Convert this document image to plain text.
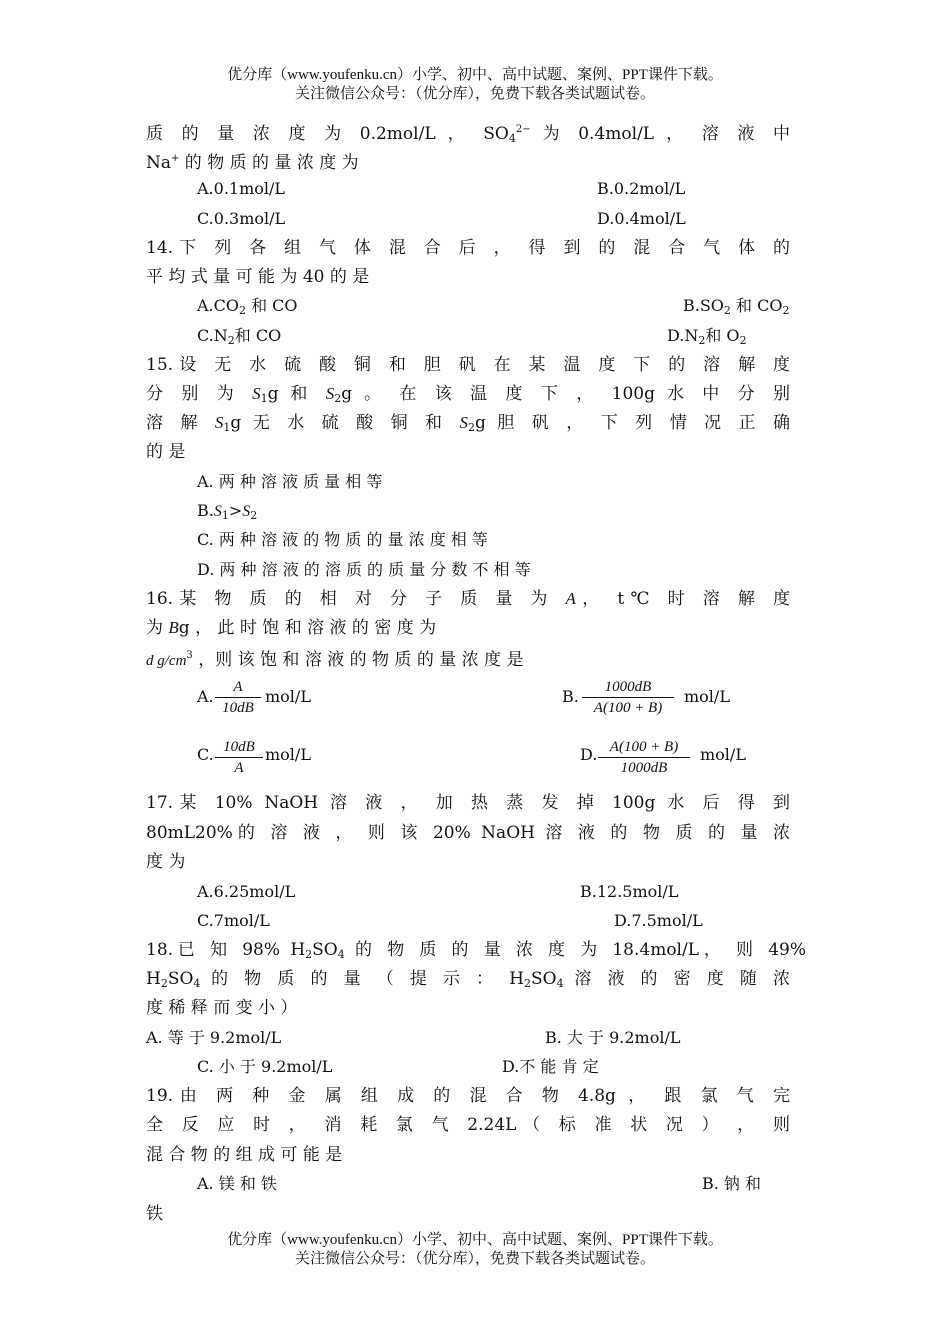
优分库（www.youfenku.cn）小学、初中、高中试题、案例、PPT课件下载。
关注微信公众号：（优分库），免费下载各类试题试卷。
质 的 量 浓 度 为 0.2mol/L ， $SO_4^{2-}$ 为 0.4mol/L ， 溶 液 中
Na+ 的 物 质 的 量 浓 度 为
A.0.1mol/L	B.0.2mol/L
C.0.3mol/L	D.0.4mol/L
14.下 列 各 组 气 体 混 合 后 ， 得 到 的 混 合 气 体 的
平 均 式 量 可 能 为 40 的 是
$A.CO_2$ 和 CO	$B.SO_2$ 和 $CO_2$
$C.N_2$和 CO	$D.N_2$和 $O_2$
15.设 无 水 硫 酸 铜 和 胆 矾 在 某 温 度 下 的 溶 解 度
分 别 为 $S_1g$ 和 $S_2g$ 。 在 该 温 度 下 ， 100g 水 中 分 别
溶 解 $S_1g$ 无 水 硫 酸 铜 和 $S_2g$ 胆 矾 ， 下 列 情 况 正 确
的 是
A. 两 种 溶 液 质 量 相 等
$B.S_1>S_2$
C. 两 种 溶 液 的 物 质 的 量 浓 度 相 等
D. 两 种 溶 液 的 溶 质 的 质 量 分 数 不 相 等
16.某 物 质 的 相 对 分 子 质 量 为 A， t℃ 时 溶 解 度
为 Bg ， 此 时 饱 和 溶 液 的 密 度 为
d $g/cm^3$ ，则 该 饱 和 溶 液 的 物 质 的 量 浓 度 是
A. $\frac{A}{10dB} mol/L$	B. $\frac{1000dB}{A(100 + B)} mol/L$
C. $\frac{10dB}{A} mol/L$	D. $\frac{A(100 + B)}{1000dB} mol/L$
17.某 10% NaOH 溶 液 ， 加 热 蒸 发 掉 100g 水 后 得 到
80mL20%的 溶 液 ， 则 该 20% NaOH 溶 液 的 物 质 的 量 浓
度 为
A.6.25mol/L	B.12.5mol/L
C.7mol/L	D.7.5mol/L
18.已 知 98% $H_2SO_4$ 的 物 质 的 量 浓 度 为 18.4mol/L， 则 49%
$H_2SO_4$ 的 物 质 的 量 （ 提 示 ： $H_2SO_4$ 溶 液 的 密 度 随 浓
度 稀 释 而 变 小 ）
A. 等 于 9.2mol/L	B. 大 于 9.2mol/L
C. 小 于 9.2mol/L	D.不 能 肯 定
19.由 两 种 金 属 组 成 的 混 合 物 4.8g ， 跟 氯 气 完
全 反 应 时 ， 消 耗 氯 气 2.24L（ 标 准 状 况 ） ， 则
混 合 物 的 组 成 可 能 是
A. 镁 和 铁	B. 钠 和
铁
优分库（www.youfenku.cn）小学、初中、高中试题、案例、PPT课件下载。
关注微信公众号：（优分库），免费下载各类试题试卷。
